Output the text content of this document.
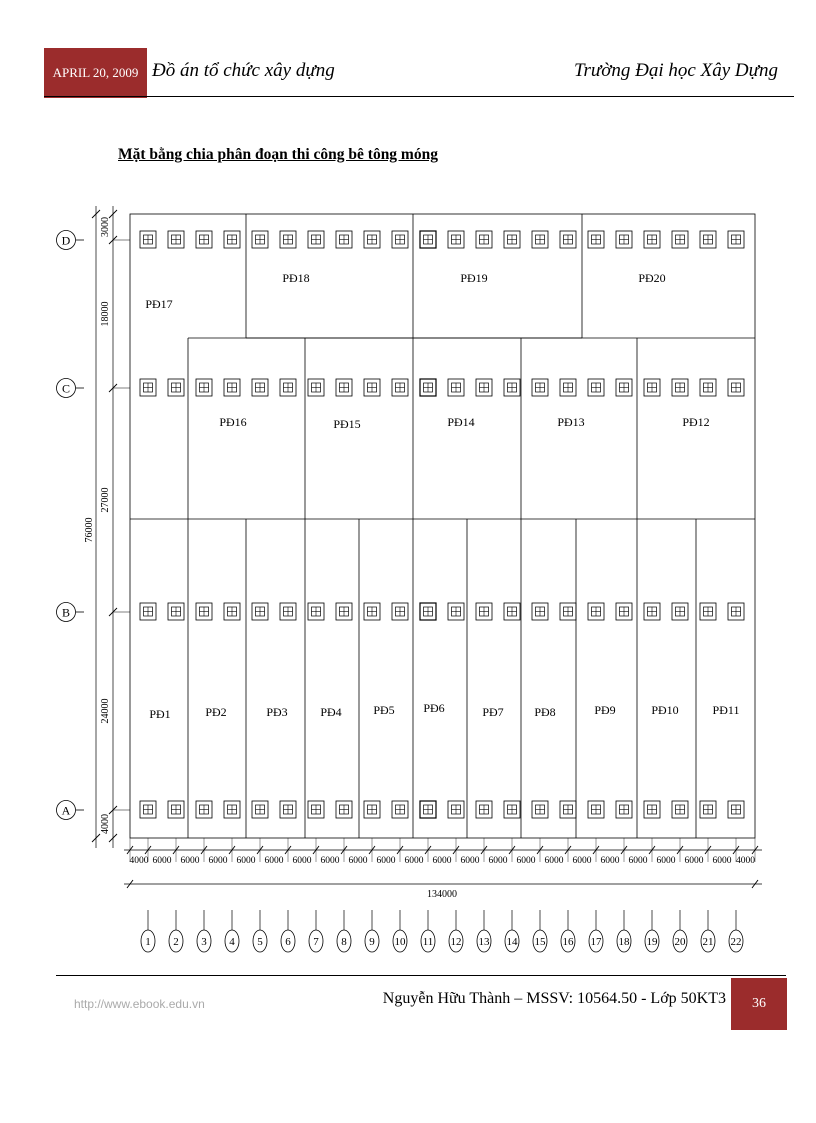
APRIL 20, 2009 Đồ án tổ chức xây dựng	Trường Đại học Xây Dựng
Mặt bằng chia phân đoạn thi công bê tông móng
D
C
B
A
3000
18000
27000
24000
4000
76000
4000 6000 6000 6000 6000 6000 6000 6000 6000 6000 6000 6000 6000 6000 6000 6000 6000 6000 6000 6000 6000 6000 4000
134000
1 2 3 4 5 6 7 8 9 10 11 12 13 14 15 16 17 18 19 20 21 22
PĐ1	PĐ2	PĐ3	PĐ4	PĐ5 PĐ6	PĐ7	PĐ8	PĐ9	PĐ10	PĐ11
PĐ16	PĐ15	PĐ14	PĐ13	PĐ12
PĐ17
PĐ18	PĐ19	PĐ20
http://www.ebook.edu.vn	Nguyễn Hữu Thành – MSSV: 10564.50 - Lớp 50KT3	36
